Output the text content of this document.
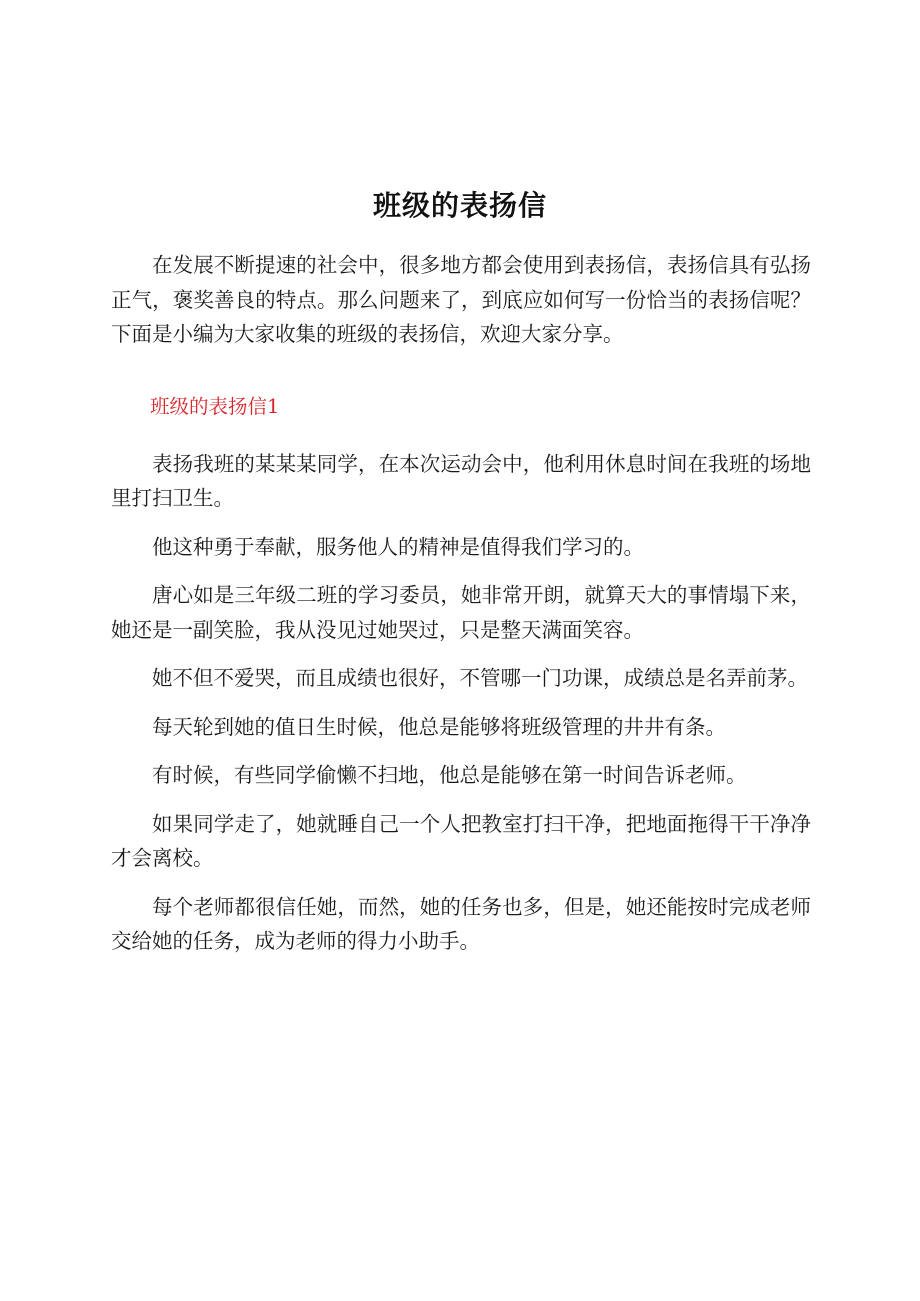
班级的表扬信

在发展不断提速的社会中，很多地方都会使用到表扬信，表扬信具有弘扬正气，褒奖善良的特点。那么问题来了，到底应如何写一份恰当的表扬信呢？下面是小编为大家收集的班级的表扬信，欢迎大家分享。

班级的表扬信1

表扬我班的某某某同学，在本次运动会中，他利用休息时间在我班的场地里打扫卫生。

他这种勇于奉献，服务他人的精神是值得我们学习的。

唐心如是三年级二班的学习委员，她非常开朗，就算天大的事情塌下来，她还是一副笑脸，我从没见过她哭过，只是整天满面笑容。

她不但不爱哭，而且成绩也很好，不管哪一门功课，成绩总是名弄前茅。

每天轮到她的值日生时候，他总是能够将班级管理的井井有条。

有时候，有些同学偷懒不扫地，他总是能够在第一时间告诉老师。

如果同学走了，她就睡自己一个人把教室打扫干净，把地面拖得干干净净才会离校。

每个老师都很信任她，而然，她的任务也多，但是，她还能按时完成老师交给她的任务，成为老师的得力小助手。
